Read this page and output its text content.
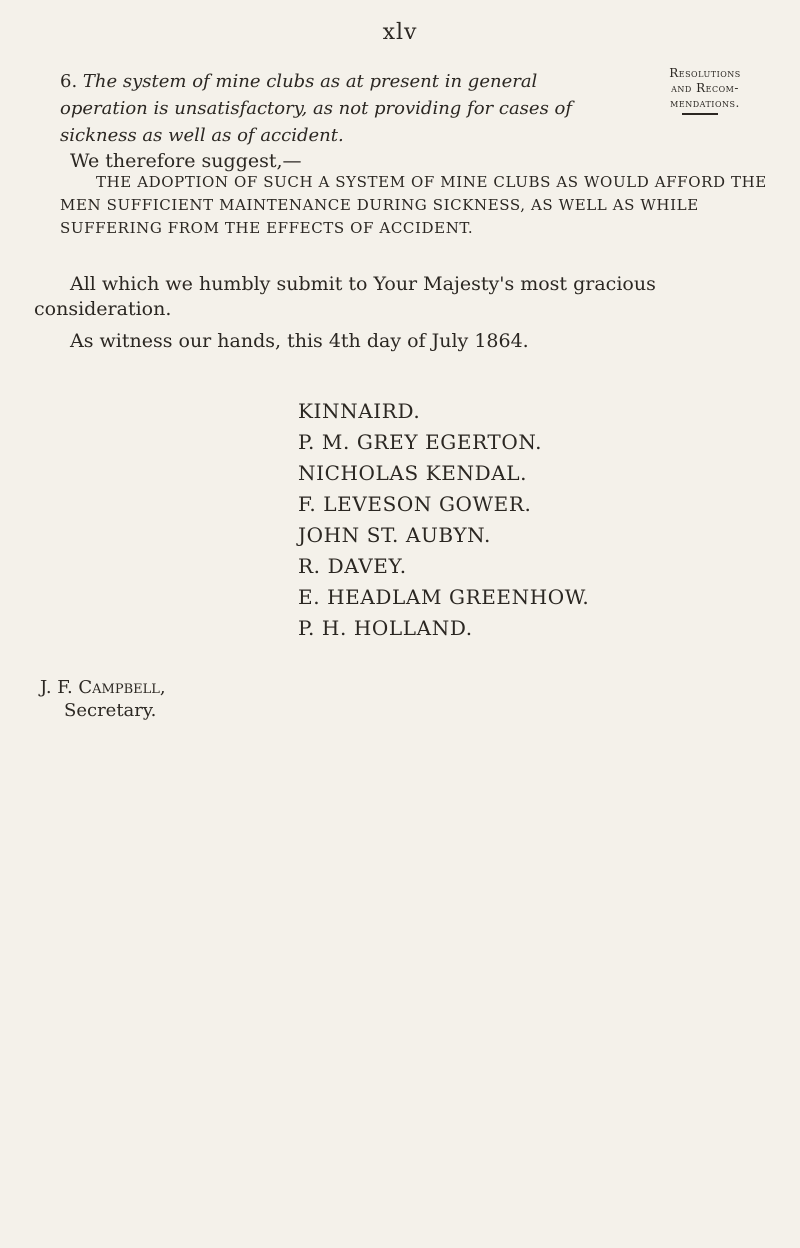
xlv
6. The system of mine clubs as at present in general operation is unsatisfactory, as not providing for cases of sickness as well as of accident.
Resolutions
and Recom-
mendations.
We therefore suggest,—
THE ADOPTION OF SUCH A SYSTEM OF MINE CLUBS AS WOULD AFFORD THE MEN SUFFICIENT MAINTENANCE DURING SICKNESS, AS WELL AS WHILE SUFFERING FROM THE EFFECTS OF ACCIDENT.
All which we humbly submit to Your Majesty's most gracious consideration.
As witness our hands, this 4th day of July 1864.
KINNAIRD.
P. M. GREY EGERTON.
NICHOLAS KENDAL.
F. LEVESON GOWER.
JOHN ST. AUBYN.
R. DAVEY.
E. HEADLAM GREENHOW.
P. H. HOLLAND.
J. F. Campbell,
Secretary.
